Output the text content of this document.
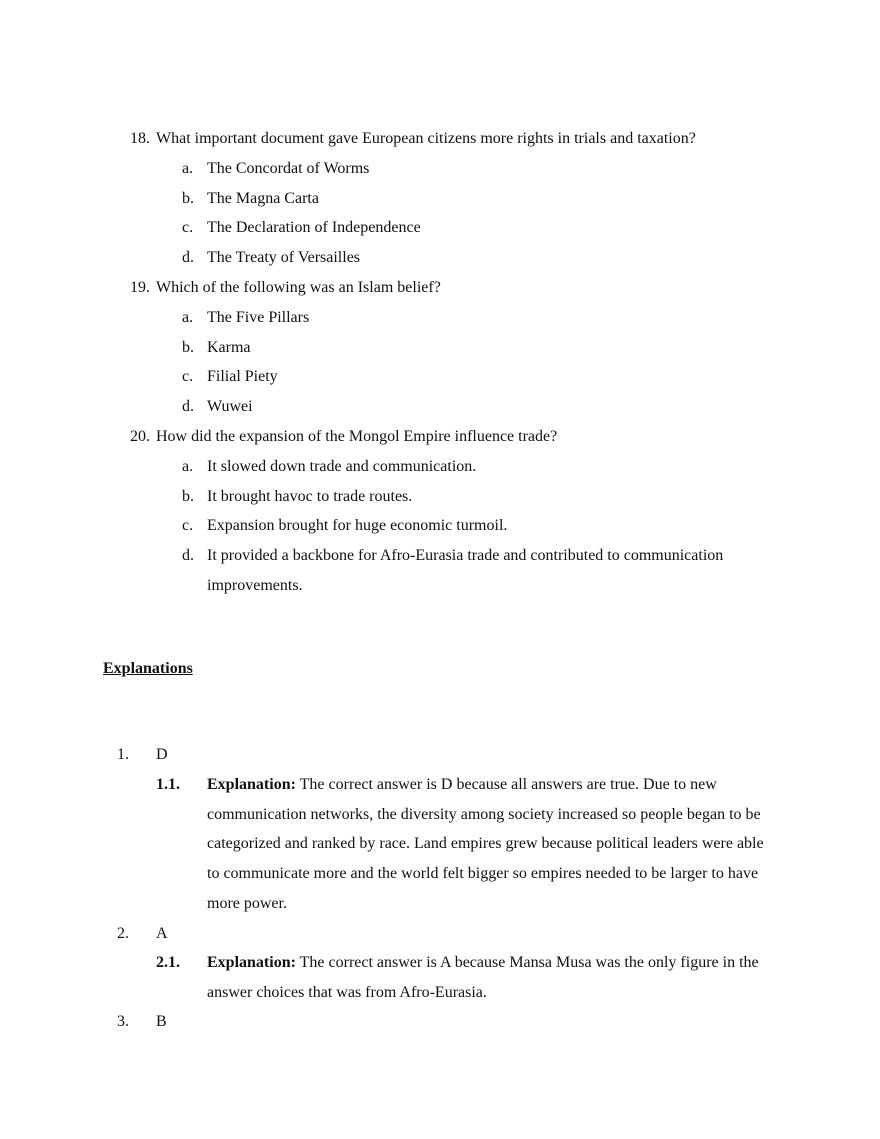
18. What important document gave European citizens more rights in trials and taxation?
a. The Concordat of Worms
b. The Magna Carta
c. The Declaration of Independence
d. The Treaty of Versailles
19. Which of the following was an Islam belief?
a. The Five Pillars
b. Karma
c. Filial Piety
d. Wuwei
20. How did the expansion of the Mongol Empire influence trade?
a. It slowed down trade and communication.
b. It brought havoc to trade routes.
c. Expansion brought for huge economic turmoil.
d. It provided a backbone for Afro-Eurasia trade and contributed to communication improvements.
Explanations
1. D
1.1. Explanation: The correct answer is D because all answers are true. Due to new communication networks, the diversity among society increased so people began to be categorized and ranked by race. Land empires grew because political leaders were able to communicate more and the world felt bigger so empires needed to be larger to have more power.
2. A
2.1. Explanation: The correct answer is A because Mansa Musa was the only figure in the answer choices that was from Afro-Eurasia.
3. B
